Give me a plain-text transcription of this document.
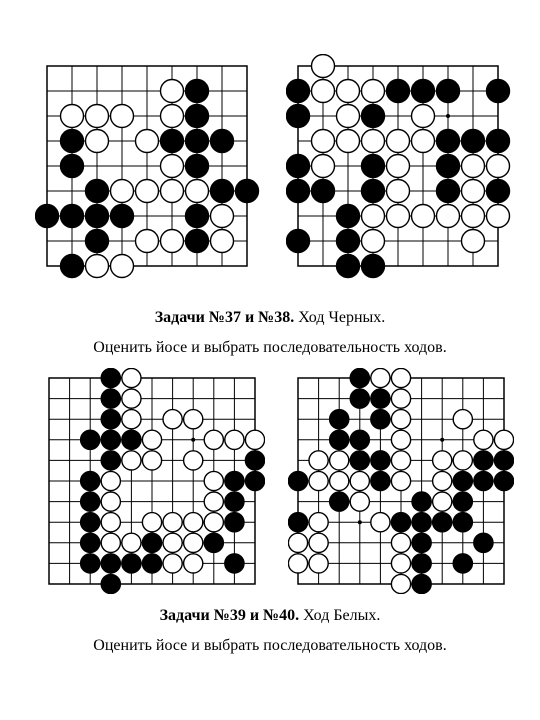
Задачи №37 и №38. Ход Черных.
Оценить йосе и выбрать последовательность ходов.
Задачи №39 и №40. Ход Белых.
Оценить йосе и выбрать последовательность ходов.
